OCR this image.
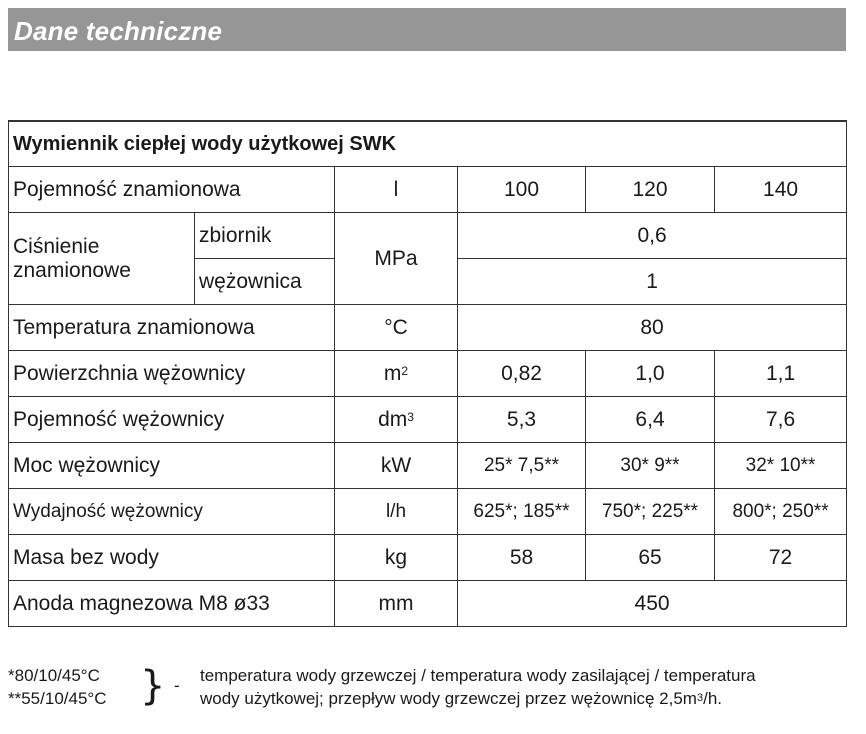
Dane techniczne
Wymiennik ciepłej wody użytkowej SWK					
Pojemność znamionowa		l	100	120	140
Ciśnienie
znamionowe	zbiornik	MPa	0,6		
	wężownica		1		
Temperatura znamionowa		°C	80		
Powierzchnia wężownicy		$m^2$	0,82	1,0	1,1
Pojemność wężownicy		$dm^3$	5,3	6,4	7,6
Moc wężownicy		kW	25* 7,5**	30* 9**	32* 10**
Wydajność wężownicy		l/h	625*; 185**	750*; 225**	800*; 250**
Masa bez wody		kg	58	65	72
Anoda magnezowa M8 ø33		mm	450		
*80/10/45°C
**55/10/45°C } -
temperatura wody grzewczej / temperatura wody zasilającej / temperatura
wody użytkowej; przepływ wody grzewczej przez wężownicę 2,5m$^3$/h.
